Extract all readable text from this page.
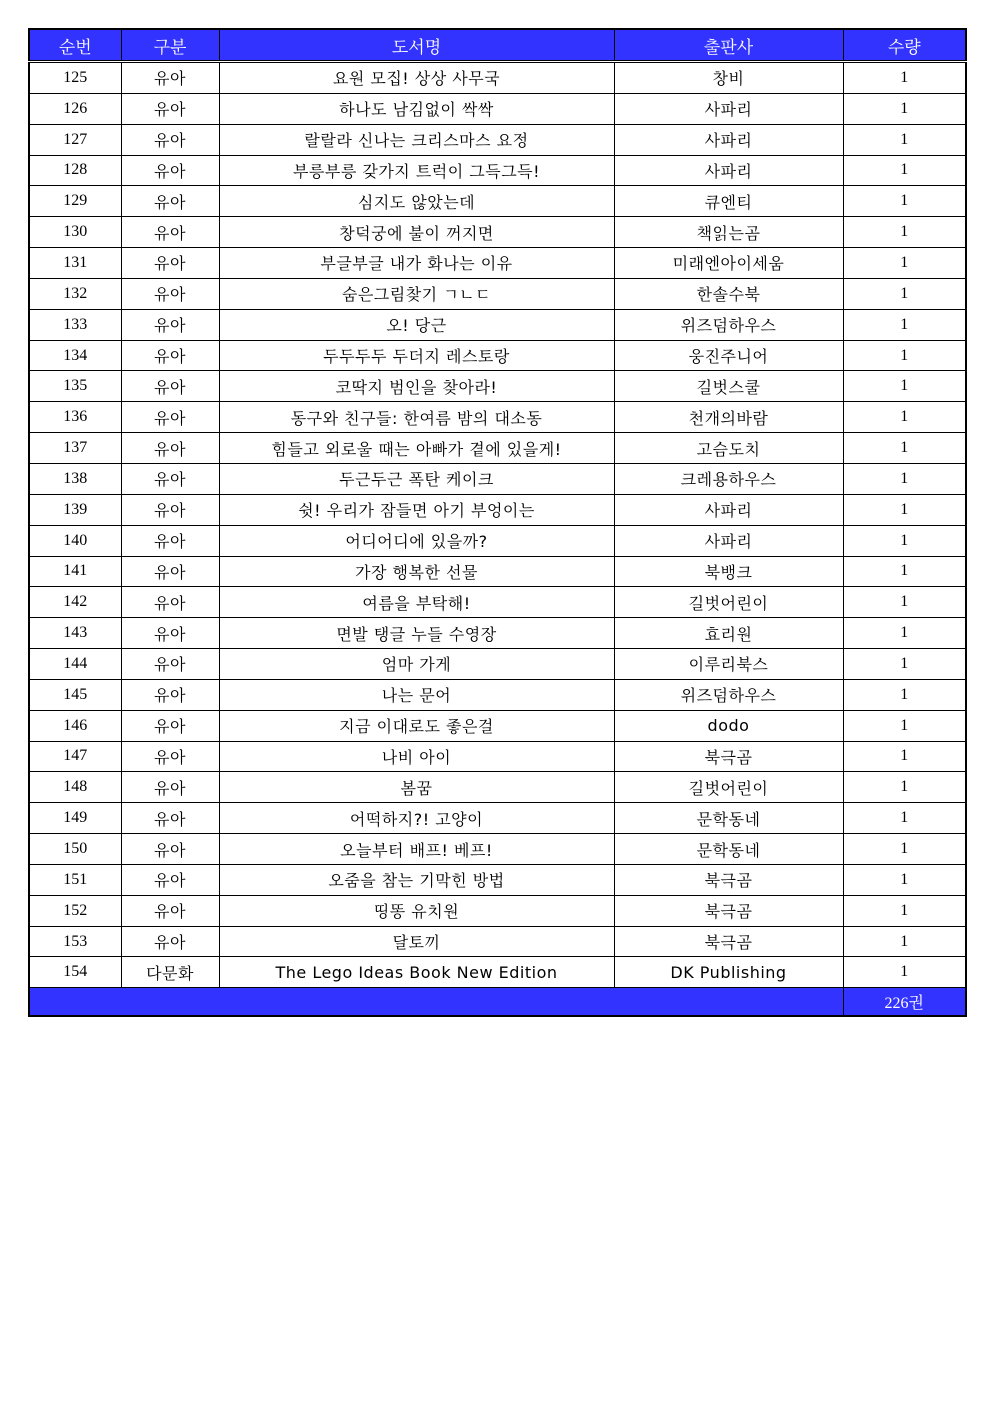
순번	구분	도서명	출판사	수량
125	유아	요원 모집! 상상 사무국	창비	1
126	유아	하나도 남김없이 싹싹	사파리	1
127	유아	랄랄라 신나는 크리스마스 요정	사파리	1
128	유아	부릉부릉 갖가지 트럭이 그득그득!	사파리	1
129	유아	심지도 않았는데	큐엔티	1
130	유아	창덕궁에 불이 꺼지면	책읽는곰	1
131	유아	부글부글 내가 화나는 이유	미래엔아이세움	1
132	유아	숨은그림찾기 ㄱㄴㄷ	한솔수북	1
133	유아	오! 당근	위즈덤하우스	1
134	유아	두두두두 두더지 레스토랑	웅진주니어	1
135	유아	코딱지 범인을 찾아라!	길벗스쿨	1
136	유아	동구와 친구들: 한여름 밤의 대소동	천개의바람	1
137	유아	힘들고 외로울 때는 아빠가 곁에 있을게!	고슴도치	1
138	유아	두근두근 폭탄 케이크	크레용하우스	1
139	유아	쉿! 우리가 잠들면 아기 부엉이는	사파리	1
140	유아	어디어디에 있을까?	사파리	1
141	유아	가장 행복한 선물	북뱅크	1
142	유아	여름을 부탁해!	길벗어린이	1
143	유아	면발 탱글 누들 수영장	효리원	1
144	유아	엄마 가게	이루리북스	1
145	유아	나는 문어	위즈덤하우스	1
146	유아	지금 이대로도 좋은걸	dodo	1
147	유아	나비 아이	북극곰	1
148	유아	봄꿈	길벗어린이	1
149	유아	어떡하지?! 고양이	문학동네	1
150	유아	오늘부터 배프! 베프!	문학동네	1
151	유아	오줌을 참는 기막힌 방법	북극곰	1
152	유아	띵똥 유치원	북극곰	1
153	유아	달토끼	북극곰	1
154	다문화	The Lego Ideas Book New Edition	DK Publishing	1
				226권
